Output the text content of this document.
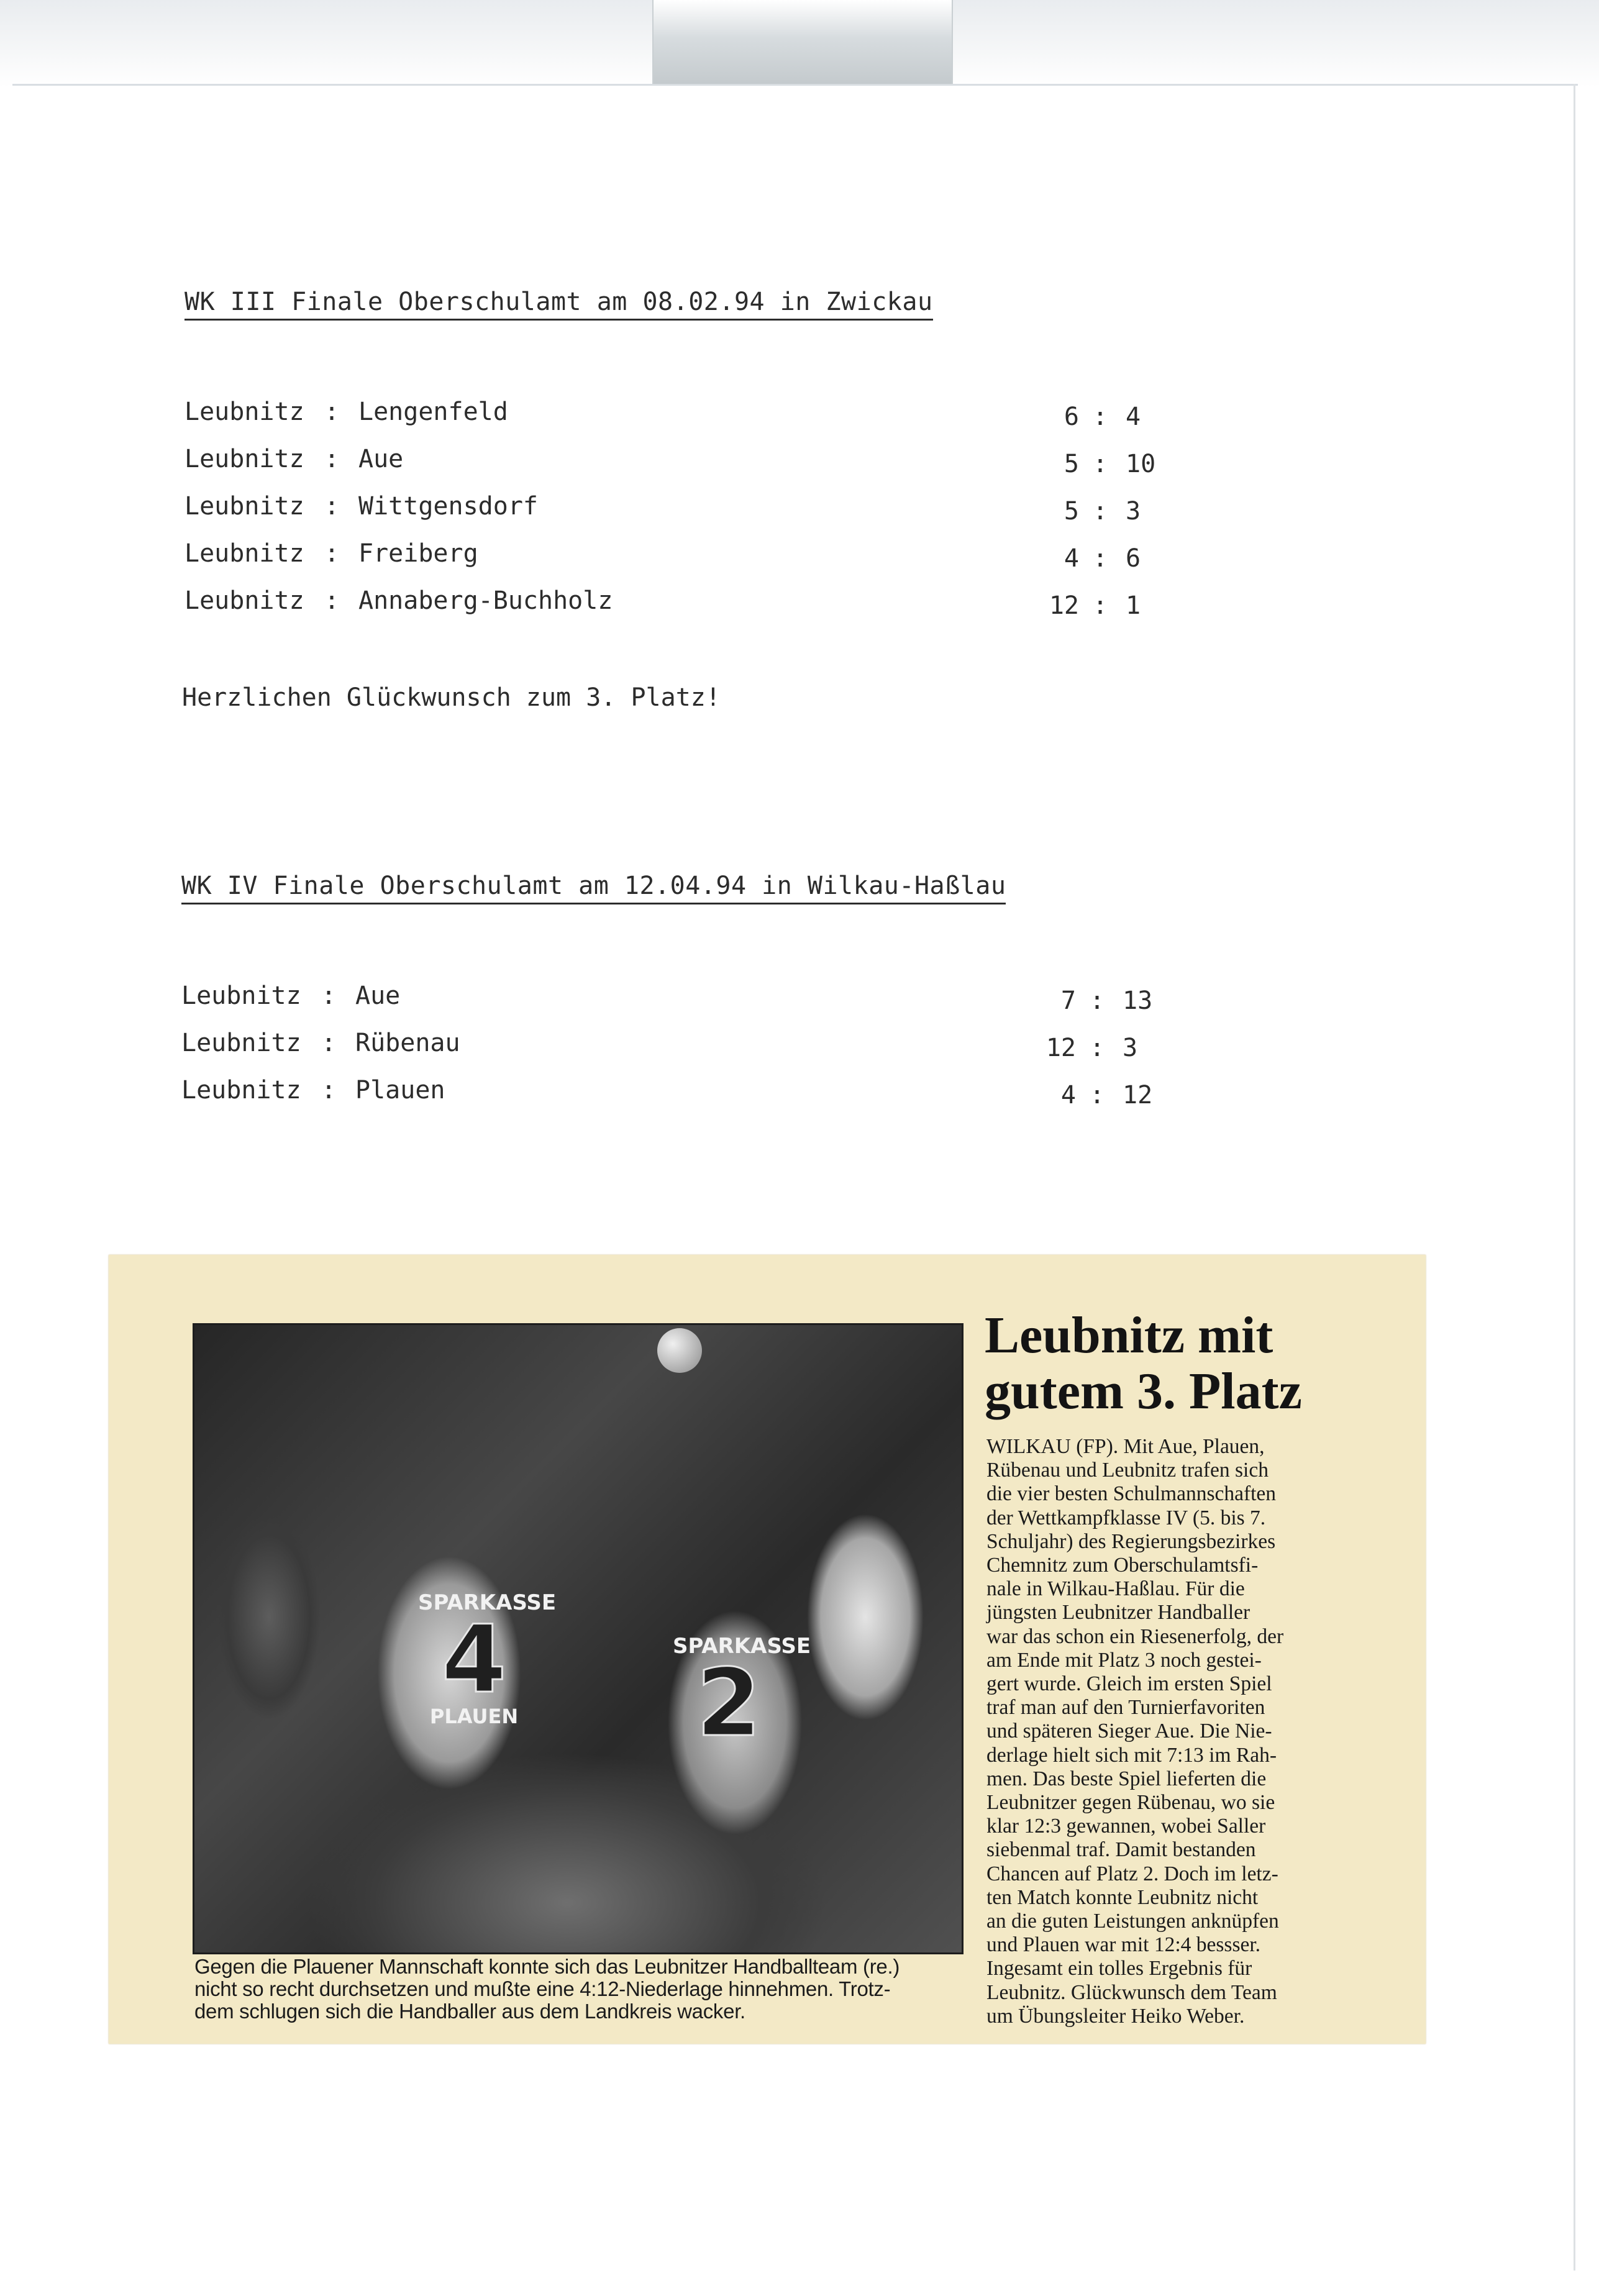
WK III Finale Oberschulamt am 08.02.94 in Zwickau
Leubnitz : Lengenfeld	6 : 4
Leubnitz : Aue	5 : 10
Leubnitz : Wittgensdorf	5 : 3
Leubnitz : Freiberg	4 : 6
Leubnitz : Annaberg-Buchholz	12 : 1
Herzlichen Glückwunsch zum 3. Platz!
WK IV Finale Oberschulamt am 12.04.94 in Wilkau-Haßlau
Leubnitz : Aue	7 : 13
Leubnitz : Rübenau	12 : 3
Leubnitz : Plauen	4 : 12
SPARKASSE
4
PLAUEN
SPARKASSE
2
Gegen die Plauener Mannschaft konnte sich das Leubnitzer Handballteam (re.)
nicht so recht durchsetzen und mußte eine 4:12-Niederlage hinnehmen. Trotz-
dem schlugen sich die Handballer aus dem Landkreis wacker.
Leubnitz mit
gutem 3. Platz
WILKAU (FP). Mit Aue, Plauen,
Rübenau und Leubnitz trafen sich
die vier besten Schulmannschaften
der Wettkampfklasse IV (5. bis 7.
Schuljahr) des Regierungsbezirkes
Chemnitz zum Oberschulamtsfi-
nale in Wilkau-Haßlau. Für die
jüngsten Leubnitzer Handballer
war das schon ein Riesenerfolg, der
am Ende mit Platz 3 noch gestei-
gert wurde. Gleich im ersten Spiel
traf man auf den Turnierfavoriten
und späteren Sieger Aue. Die Nie-
derlage hielt sich mit 7:13 im Rah-
men. Das beste Spiel lieferten die
Leubnitzer gegen Rübenau, wo sie
klar 12:3 gewannen, wobei Saller
siebenmal traf. Damit bestanden
Chancen auf Platz 2. Doch im letz-
ten Match konnte Leubnitz nicht
an die guten Leistungen anknüpfen
und Plauen war mit 12:4 bessser.
Ingesamt ein tolles Ergebnis für
Leubnitz. Glückwunsch dem Team
um Übungsleiter Heiko Weber.
